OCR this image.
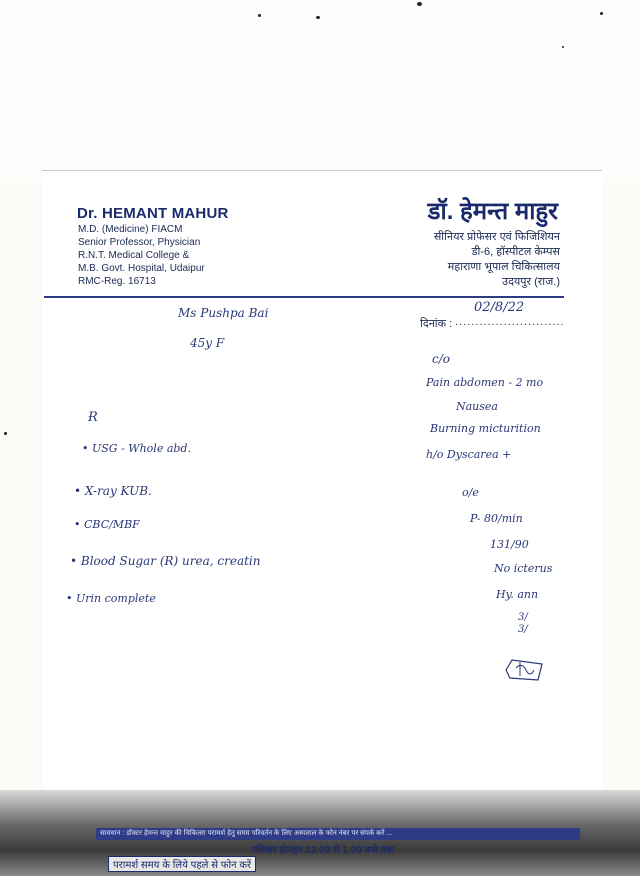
Dr. HEMANT MAHUR
M.D. (Medicine) FIACM
Senior Professor, Physician
R.N.T. Medical College &
M.B. Govt. Hospital, Udaipur
RMC-Reg. 16713
डॉ. हेमन्त माहुर
सीनियर प्रोफेसर एवं फिजिशियन
डी-6, हॉस्पीटल केम्पस
महाराणा भूपाल चिकित्सालय
उदयपुर (राज.)
Ms Pushpa Bai
45y F
दिनांक : ...........................
02/8/22
Ɍ
• USG - Whole abd.
• X-ray KUB.
• CBC/MBF
• Blood Sugar (R) urea, creatin
• Urin complete
c/o
Pain abdomen - 2 mo
Nausea
Burning micturition
h/o Dyscarea +
o/e
P- 80/min
131/90
No icterus
Hy. ann
3/
3/
सावधान : डॉक्टर हेमन्त माहुर की चिकित्सा परामर्श हेतु समय परिवर्तन के लिए अस्पताल के फोन नंबर पर संपर्क करें ...
रविवार दोपहर 12.00 से 1.00 बजे तक
परामर्श समय के लिये पहले से फोन करें
